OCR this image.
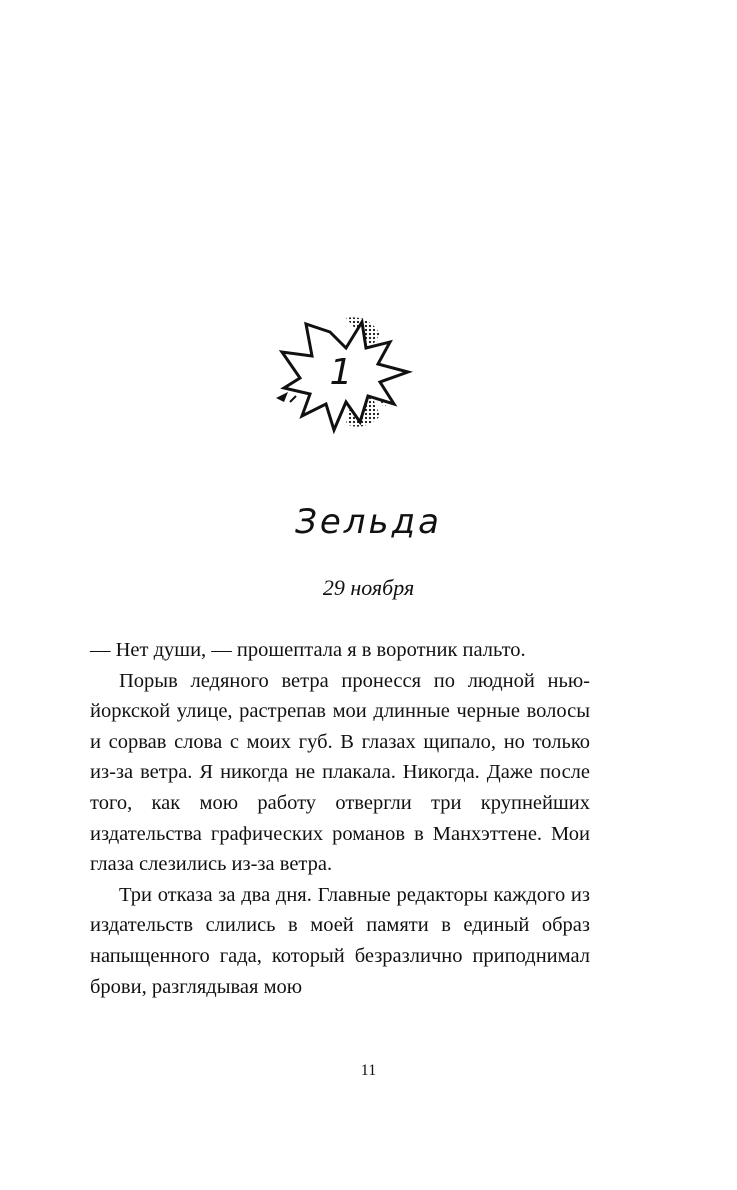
1
Зельда
29 ноября

— Нет души, — прошептала я в воротник пальто.

Порыв ледяного ветра пронесся по людной нью-йоркской улице, растрепав мои длинные черные волосы и сорвав слова с моих губ. В глазах щипало, но только из-за ветра. Я никогда не плакала. Никогда. Даже после того, как мою работу отвергли три крупнейших издательства графических романов в Манхэттене. Мои глаза слезились из-за ветра.

Три отказа за два дня. Главные редакторы каждого из издательств слились в моей памяти в единый образ напыщенного гада, который безразлично приподнимал брови, разглядывая мою

11
